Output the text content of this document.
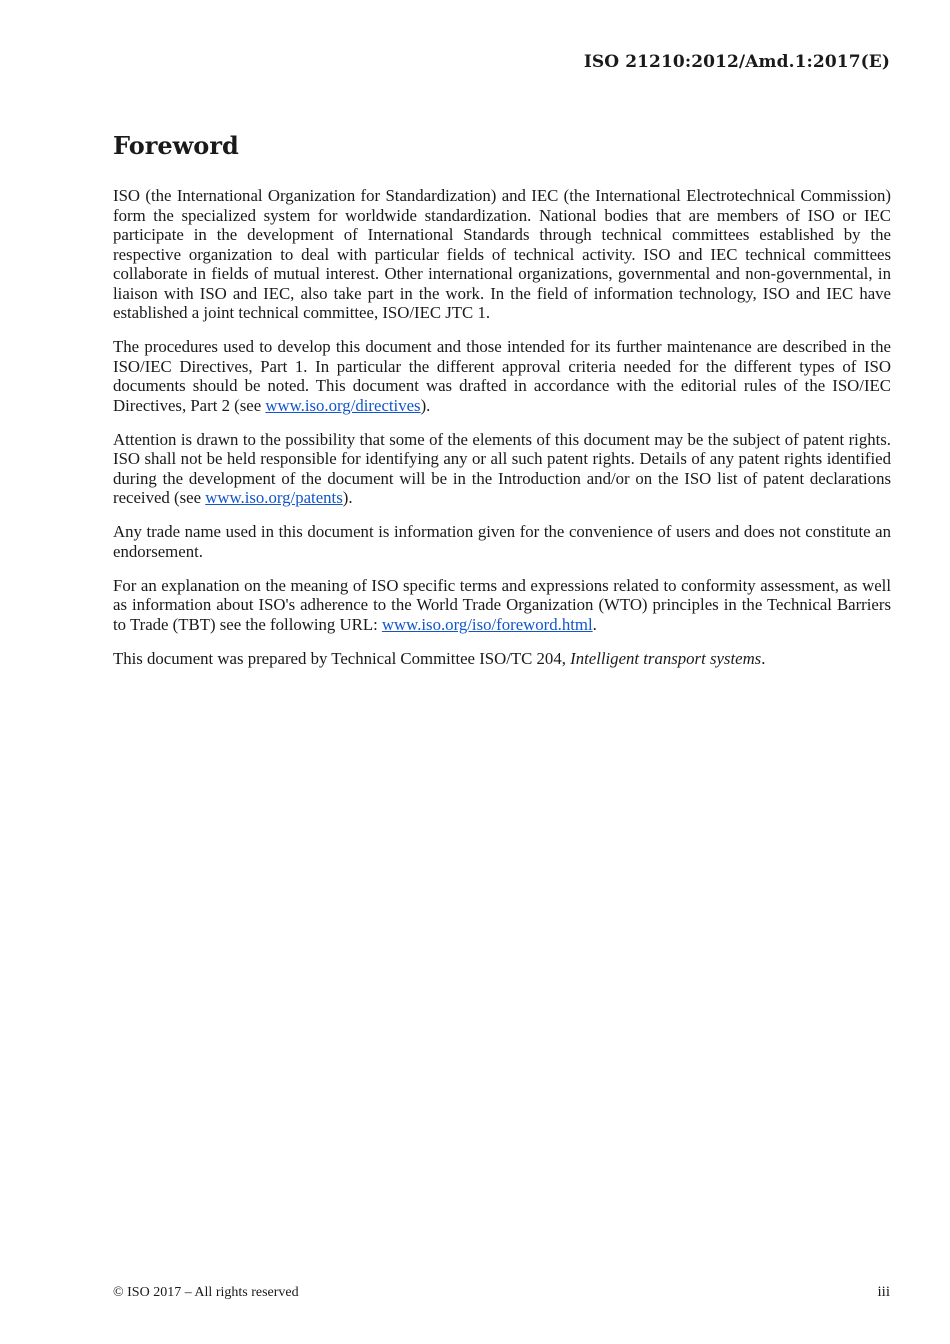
ISO 21210:2012/Amd.1:2017(E)
Foreword

ISO (the International Organization for Standardization) and IEC (the International Electrotechnical Commission) form the specialized system for worldwide standardization. National bodies that are members of ISO or IEC participate in the development of International Standards through technical committees established by the respective organization to deal with particular fields of technical activity. ISO and IEC technical committees collaborate in fields of mutual interest. Other international organizations, governmental and non-governmental, in liaison with ISO and IEC, also take part in the work. In the field of information technology, ISO and IEC have established a joint technical committee, ISO/IEC JTC 1.

The procedures used to develop this document and those intended for its further maintenance are described in the ISO/IEC Directives, Part 1. In particular the different approval criteria needed for the different types of ISO documents should be noted. This document was drafted in accordance with the editorial rules of the ISO/IEC Directives, Part 2 (see www.iso.org/directives).

Attention is drawn to the possibility that some of the elements of this document may be the subject of patent rights. ISO shall not be held responsible for identifying any or all such patent rights. Details of any patent rights identified during the development of the document will be in the Introduction and/or on the ISO list of patent declarations received (see www.iso.org/patents).

Any trade name used in this document is information given for the convenience of users and does not constitute an endorsement.

For an explanation on the meaning of ISO specific terms and expressions related to conformity assessment, as well as information about ISO's adherence to the World Trade Organization (WTO) principles in the Technical Barriers to Trade (TBT) see the following URL: www.iso.org/iso/foreword.html.

This document was prepared by Technical Committee ISO/TC 204, Intelligent transport systems.

© ISO 2017 – All rights reserved	iii
